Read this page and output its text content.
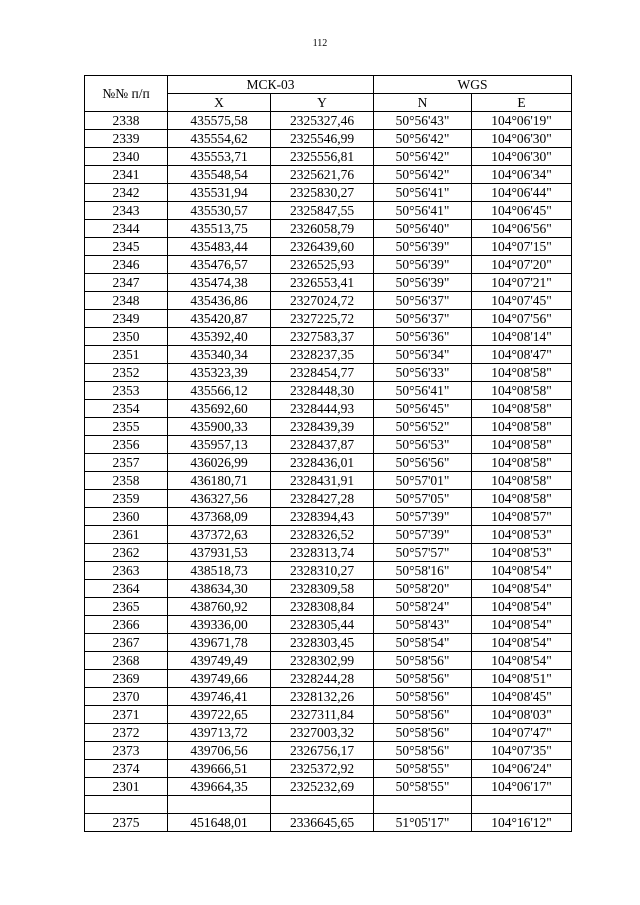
112
№№ п/п	МСК-03		WGS	
	X	Y	N	E
2338	435575,58	2325327,46	50°56'43"	104°06'19"
2339	435554,62	2325546,99	50°56'42"	104°06'30"
2340	435553,71	2325556,81	50°56'42"	104°06'30"
2341	435548,54	2325621,76	50°56'42"	104°06'34"
2342	435531,94	2325830,27	50°56'41"	104°06'44"
2343	435530,57	2325847,55	50°56'41"	104°06'45"
2344	435513,75	2326058,79	50°56'40"	104°06'56"
2345	435483,44	2326439,60	50°56'39"	104°07'15"
2346	435476,57	2326525,93	50°56'39"	104°07'20"
2347	435474,38	2326553,41	50°56'39"	104°07'21"
2348	435436,86	2327024,72	50°56'37"	104°07'45"
2349	435420,87	2327225,72	50°56'37"	104°07'56"
2350	435392,40	2327583,37	50°56'36"	104°08'14"
2351	435340,34	2328237,35	50°56'34"	104°08'47"
2352	435323,39	2328454,77	50°56'33"	104°08'58"
2353	435566,12	2328448,30	50°56'41"	104°08'58"
2354	435692,60	2328444,93	50°56'45"	104°08'58"
2355	435900,33	2328439,39	50°56'52"	104°08'58"
2356	435957,13	2328437,87	50°56'53"	104°08'58"
2357	436026,99	2328436,01	50°56'56"	104°08'58"
2358	436180,71	2328431,91	50°57'01"	104°08'58"
2359	436327,56	2328427,28	50°57'05"	104°08'58"
2360	437368,09	2328394,43	50°57'39"	104°08'57"
2361	437372,63	2328326,52	50°57'39"	104°08'53"
2362	437931,53	2328313,74	50°57'57"	104°08'53"
2363	438518,73	2328310,27	50°58'16"	104°08'54"
2364	438634,30	2328309,58	50°58'20"	104°08'54"
2365	438760,92	2328308,84	50°58'24"	104°08'54"
2366	439336,00	2328305,44	50°58'43"	104°08'54"
2367	439671,78	2328303,45	50°58'54"	104°08'54"
2368	439749,49	2328302,99	50°58'56"	104°08'54"
2369	439749,66	2328244,28	50°58'56"	104°08'51"
2370	439746,41	2328132,26	50°58'56"	104°08'45"
2371	439722,65	2327311,84	50°58'56"	104°08'03"
2372	439713,72	2327003,32	50°58'56"	104°07'47"
2373	439706,56	2326756,17	50°58'56"	104°07'35"
2374	439666,51	2325372,92	50°58'55"	104°06'24"
2301	439664,35	2325232,69	50°58'55"	104°06'17"

2375	451648,01	2336645,65	51°05'17"	104°16'12"
